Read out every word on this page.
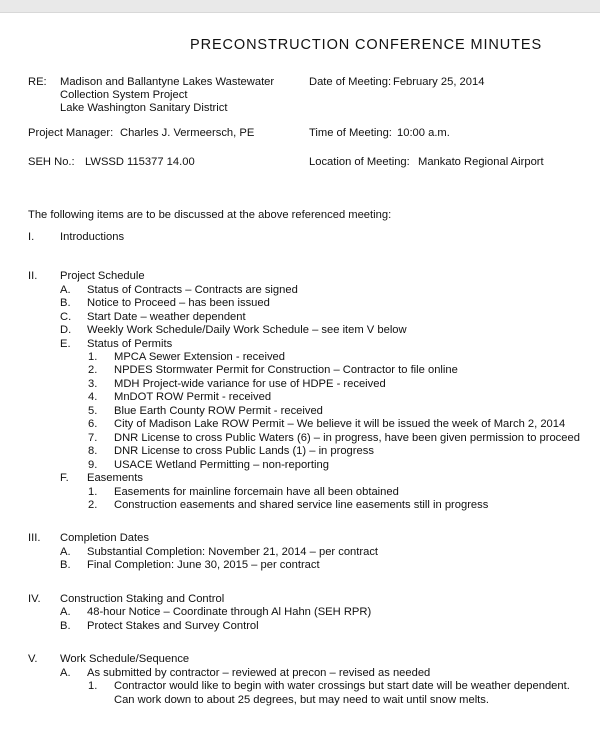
PRECONSTRUCTION CONFERENCE MINUTES
RE: Madison and Ballantyne Lakes Wastewater
Collection System Project
Lake Washington Sanitary District
Date of Meeting: February 25, 2014
Project Manager: Charles J. Vermeersch, PE	Time of Meeting: 10:00 a.m.
SEH No.: LWSSD 115377 14.00	Location of Meeting: Mankato Regional Airport
The following items are to be discussed at the above referenced meeting:
I. Introductions
II. Project Schedule
A. Status of Contracts – Contracts are signed
B. Notice to Proceed – has been issued
C. Start Date – weather dependent
D. Weekly Work Schedule/Daily Work Schedule – see item V below
E. Status of Permits
1. MPCA Sewer Extension - received
2. NPDES Stormwater Permit for Construction – Contractor to file online
3. MDH Project-wide variance for use of HDPE - received
4. MnDOT ROW Permit - received
5. Blue Earth County ROW Permit - received
6. City of Madison Lake ROW Permit – We believe it will be issued the week of March 2, 2014
7. DNR License to cross Public Waters (6) – in progress, have been given permission to proceed
8. DNR License to cross Public Lands (1) – in progress
9. USACE Wetland Permitting – non-reporting
F. Easements
1. Easements for mainline forcemain have all been obtained
2. Construction easements and shared service line easements still in progress
III. Completion Dates
A. Substantial Completion: November 21, 2014 – per contract
B. Final Completion: June 30, 2015 – per contract
IV. Construction Staking and Control
A. 48-hour Notice – Coordinate through Al Hahn (SEH RPR)
B. Protect Stakes and Survey Control
V. Work Schedule/Sequence
A. As submitted by contractor – reviewed at precon – revised as needed
1. Contractor would like to begin with water crossings but start date will be weather dependent.
Can work down to about 25 degrees, but may need to wait until snow melts.
